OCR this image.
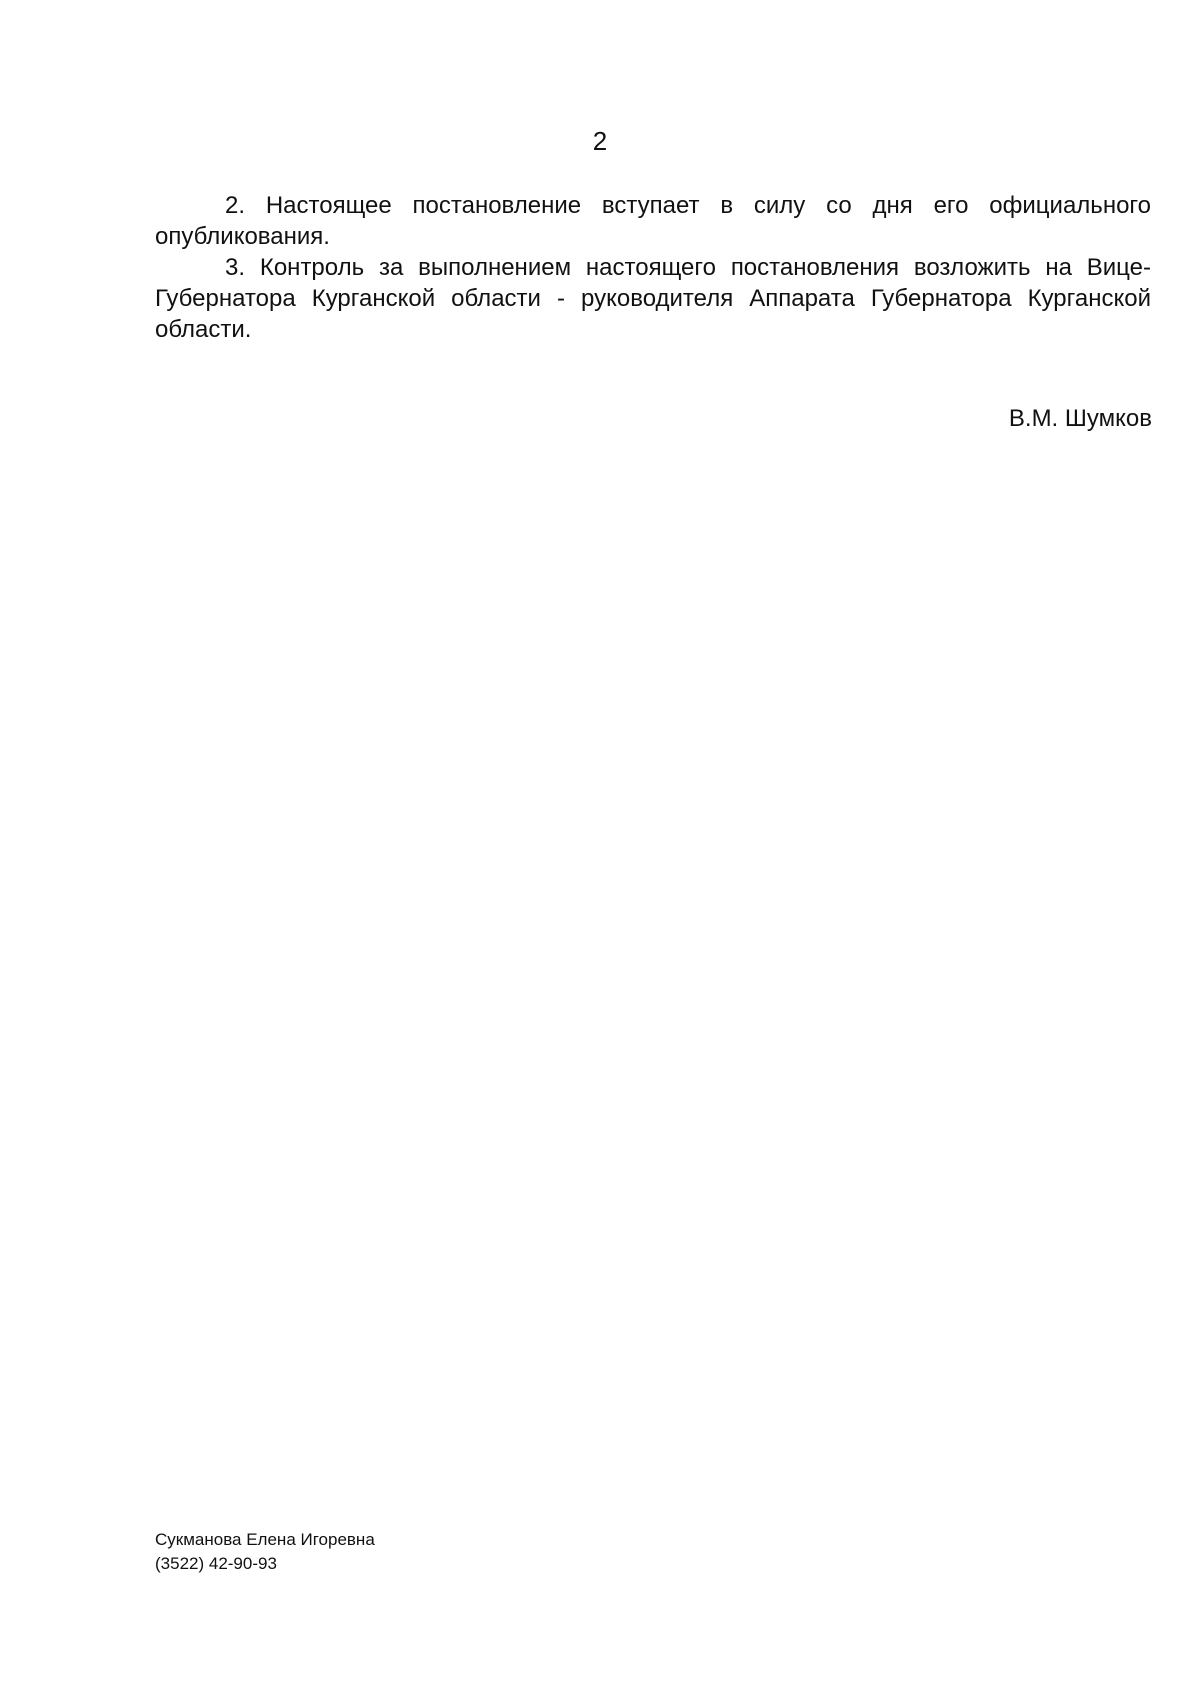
2

2. Настоящее постановление вступает в силу со дня его официального опубликования.

3. Контроль за выполнением настоящего постановления возложить на Вице-Губернатора Курганской области - руководителя Аппарата Губернатора Курганской области.

В.М. Шумков
Сукманова Елена Игоревна
(3522) 42-90-93
